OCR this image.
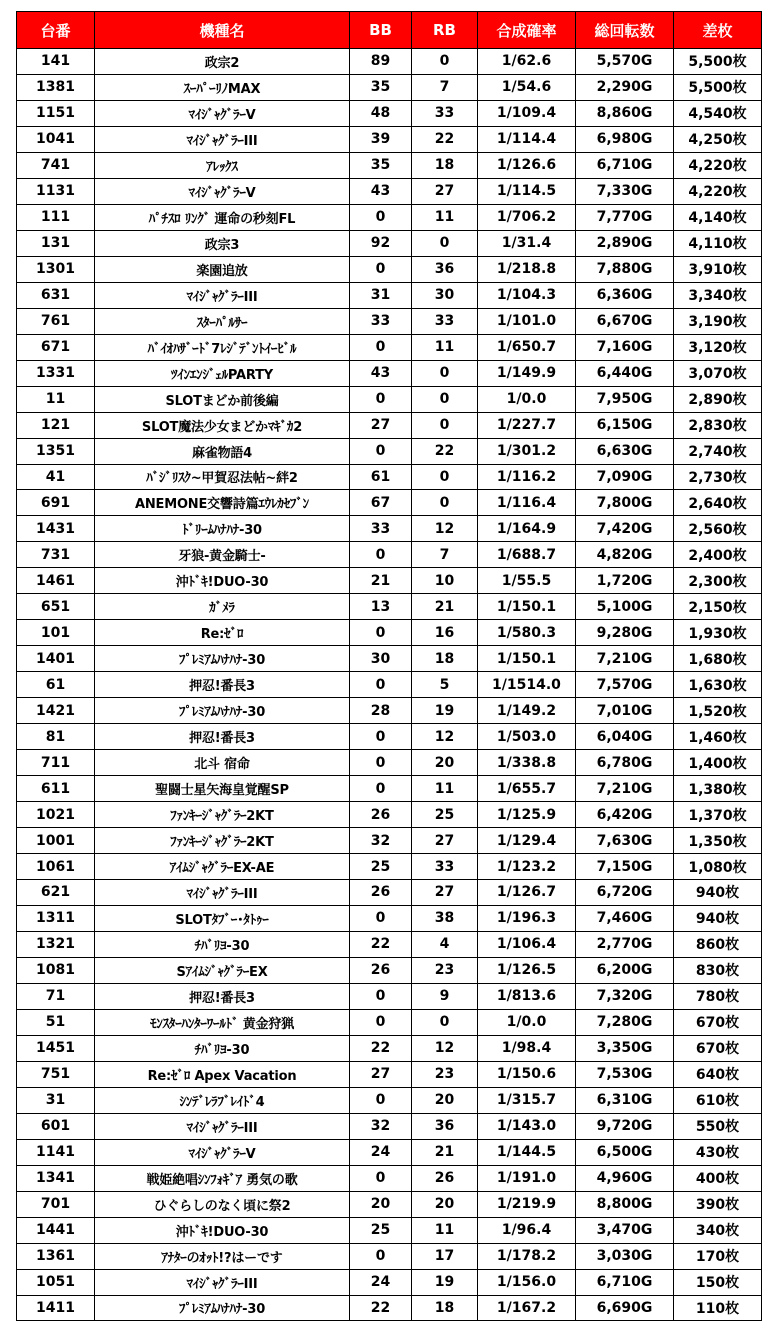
台番	機種名	BB	RB	合成確率	総回転数	差枚
141	政宗2	89	0	1/62.6	5,570G	5,500枚
1381	ｽｰﾊﾟｰﾘﾉMAX	35	7	1/54.6	2,290G	5,500枚
1151	ﾏｲｼﾞｬｸﾞﾗｰV	48	33	1/109.4	8,860G	4,540枚
1041	ﾏｲｼﾞｬｸﾞﾗｰIII	39	22	1/114.4	6,980G	4,250枚
741	ｱﾚｯｸｽ	35	18	1/126.6	6,710G	4,220枚
1131	ﾏｲｼﾞｬｸﾞﾗｰV	43	27	1/114.5	7,330G	4,220枚
111	ﾊﾟﾁｽﾛ ﾘﾝｸﾞ 運命の秒刻FL	0	11	1/706.2	7,770G	4,140枚
131	政宗3	92	0	1/31.4	2,890G	4,110枚
1301	楽園追放	0	36	1/218.8	7,880G	3,910枚
631	ﾏｲｼﾞｬｸﾞﾗｰIII	31	30	1/104.3	6,360G	3,340枚
761	ｽﾀｰﾊﾟﾙｻｰ	33	33	1/101.0	6,670G	3,190枚
671	ﾊﾞｲｵﾊｻﾞｰﾄﾞ7ﾚｼﾞﾃﾞﾝﾄｲｰﾋﾞﾙ	0	11	1/650.7	7,160G	3,120枚
1331	ﾂｲﾝｴﾝｼﾞｪﾙPARTY	43	0	1/149.9	6,440G	3,070枚
11	SLOTまどか前後編	0	0	1/0.0	7,950G	2,890枚
121	SLOT魔法少女まどかﾏｷﾞｶ2	27	0	1/227.7	6,150G	2,830枚
1351	麻雀物語4	0	22	1/301.2	6,630G	2,740枚
41	ﾊﾞｼﾞﾘｽｸ~甲賀忍法帖~絆2	61	0	1/116.2	7,090G	2,730枚
691	ANEMONE交響詩篇ｴｳﾚｶｾﾌﾞﾝ	67	0	1/116.4	7,800G	2,640枚
1431	ﾄﾞﾘｰﾑﾊﾅﾊﾅ-30	33	12	1/164.9	7,420G	2,560枚
731	牙狼-黄金騎士-	0	7	1/688.7	4,820G	2,400枚
1461	沖ﾄﾞｷ!DUO-30	21	10	1/55.5	1,720G	2,300枚
651	ｶﾞﾒﾗ	13	21	1/150.1	5,100G	2,150枚
101	Re:ｾﾞﾛ	0	16	1/580.3	9,280G	1,930枚
1401	ﾌﾟﾚﾐｱﾑﾊﾅﾊﾅ-30	30	18	1/150.1	7,210G	1,680枚
61	押忍!番長3	0	5	1/1514.0	7,570G	1,630枚
1421	ﾌﾟﾚﾐｱﾑﾊﾅﾊﾅ-30	28	19	1/149.2	7,010G	1,520枚
81	押忍!番長3	0	12	1/503.0	6,040G	1,460枚
711	北斗 宿命	0	20	1/338.8	6,780G	1,400枚
611	聖闘士星矢海皇覚醒SP	0	11	1/655.7	7,210G	1,380枚
1021	ﾌｧﾝｷｰｼﾞｬｸﾞﾗｰ2KT	26	25	1/125.9	6,420G	1,370枚
1001	ﾌｧﾝｷｰｼﾞｬｸﾞﾗｰ2KT	32	27	1/129.4	7,630G	1,350枚
1061	ｱｲﾑｼﾞｬｸﾞﾗｰEX-AE	25	33	1/123.2	7,150G	1,080枚
621	ﾏｲｼﾞｬｸﾞﾗｰIII	26	27	1/126.7	6,720G	940枚
1311	SLOTﾀﾌﾞｰ･ﾀﾄｩｰ	0	38	1/196.3	7,460G	940枚
1321	ﾁﾊﾞﾘﾖ-30	22	4	1/106.4	2,770G	860枚
1081	SｱｲﾑｼﾞｬｸﾞﾗｰEX	26	23	1/126.5	6,200G	830枚
71	押忍!番長3	0	9	1/813.6	7,320G	780枚
51	ﾓﾝｽﾀｰﾊﾝﾀｰﾜｰﾙﾄﾞ 黄金狩猟	0	0	1/0.0	7,280G	670枚
1451	ﾁﾊﾞﾘﾖ-30	22	12	1/98.4	3,350G	670枚
751	Re:ｾﾞﾛ Apex Vacation	27	23	1/150.6	7,530G	640枚
31	ｼﾝﾃﾞﾚﾗﾌﾞﾚｲﾄﾞ4	0	20	1/315.7	6,310G	610枚
601	ﾏｲｼﾞｬｸﾞﾗｰIII	32	36	1/143.0	9,720G	550枚
1141	ﾏｲｼﾞｬｸﾞﾗｰV	24	21	1/144.5	6,500G	430枚
1341	戦姫絶唱ｼﾝﾌｫｷﾞｱ 勇気の歌	0	26	1/191.0	4,960G	400枚
701	ひぐらしのなく頃に祭2	20	20	1/219.9	8,800G	390枚
1441	沖ﾄﾞｷ!DUO-30	25	11	1/96.4	3,470G	340枚
1361	ｱﾅﾀｰのｵｯﾄ!?はーです	0	17	1/178.2	3,030G	170枚
1051	ﾏｲｼﾞｬｸﾞﾗｰIII	24	19	1/156.0	6,710G	150枚
1411	ﾌﾟﾚﾐｱﾑﾊﾅﾊﾅ-30	22	18	1/167.2	6,690G	110枚
